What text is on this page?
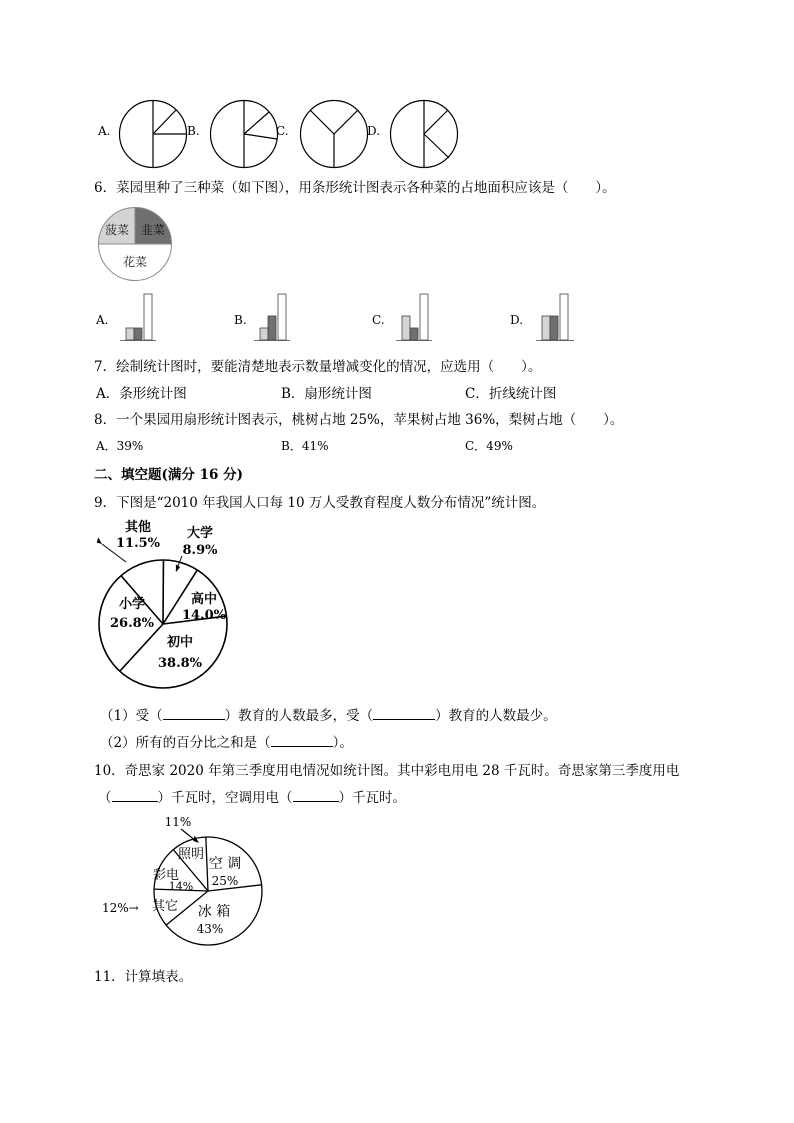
A.	B.	C.	D.
6．菜园里种了三种菜（如下图），用条形统计图表示各种菜的占地面积应该是（　　）。
菠菜 韭菜
花菜
A.	B.	C.	D.
7．绘制统计图时，要能清楚地表示数量增减变化的情况，应选用（　　）。
A．条形统计图	B．扇形统计图	C．折线统计图
8．一个果园用扇形统计图表示，桃树占地 25%，苹果树占地 36%，梨树占地（　　）。
A．39%	B．41%	C．49%
二、填空题(满分 16 分)
9．下图是“2010 年我国人口每 10 万人受教育程度人数分布情况”统计图。
其他
11.5%
大学
8.9%
高中
14.0%
初中
38.8%
小学
26.8%
（1）受（	）教育的人数最多，受（	）教育的人数最少。
（2）所有的百分比之和是（	）。
10．奇思家 2020 年第三季度用电情况如统计图。其中彩电用电 28 千瓦时。奇思家第三季度用电
（	）千瓦时，空调用电（	）千瓦时。
11%
12%→
照明
空 调
25%
冰 箱
43%
其它
彩电
14%
11．计算填表。
